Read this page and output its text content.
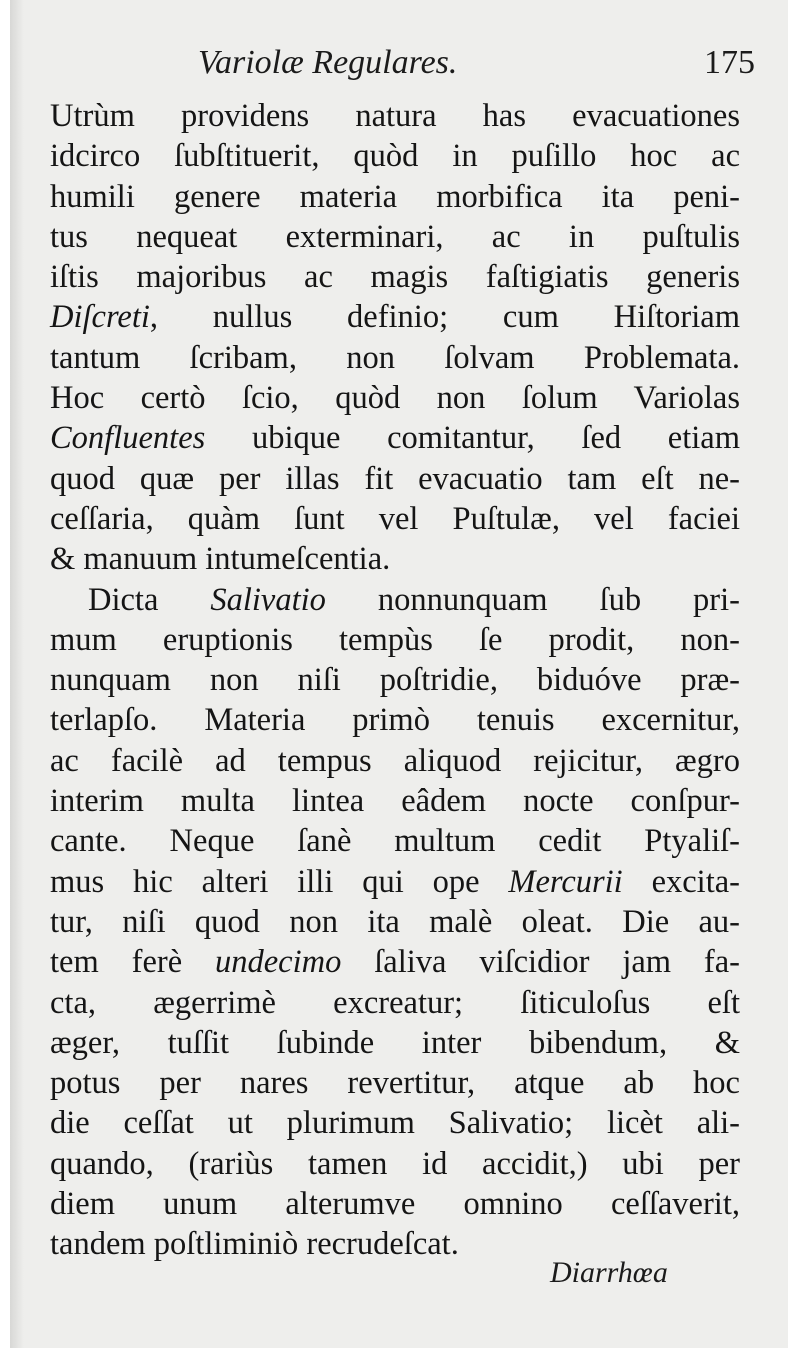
Variolæ Regulares.	175
Utrùm providens natura has evacuationes
idcirco ſubſtituerit, quòd in puſillo hoc ac
humili genere materia morbifica ita peni-
tus nequeat exterminari, ac in puſtulis
iſtis majoribus ac magis faſtigiatis generis
Diſcreti, nullus definio; cum Hiſtoriam
tantum ſcribam, non ſolvam Problemata.
Hoc certò ſcio, quòd non ſolum Variolas
Confluentes ubique comitantur, ſed etiam
quod quæ per illas fit evacuatio tam eſt ne-
ceſſaria, quàm ſunt vel Puſtulæ, vel faciei
& manuum intumeſcentia.
Dicta Salivatio nonnunquam ſub pri-
mum eruptionis tempùs ſe prodit, non-
nunquam non niſi poſtridie, biduóve præ-
terlapſo. Materia primò tenuis excernitur,
ac facilè ad tempus aliquod rejicitur, ægro
interim multa lintea eâdem nocte conſpur-
cante. Neque ſanè multum cedit Ptyaliſ-
mus hic alteri illi qui ope Mercurii excita-
tur, niſi quod non ita malè oleat. Die au-
tem ferè undecimo ſaliva viſcidior jam fa-
cta, ægerrimè excreatur; ſiticuloſus eſt
æger, tuſſit ſubinde inter bibendum, &
potus per nares revertitur, atque ab hoc
die ceſſat ut plurimum Salivatio; licèt ali-
quando, (rariùs tamen id accidit,) ubi per
diem unum alterumve omnino ceſſaverit,
tandem poſtliminiò recrudeſcat.
Diarrhœa
